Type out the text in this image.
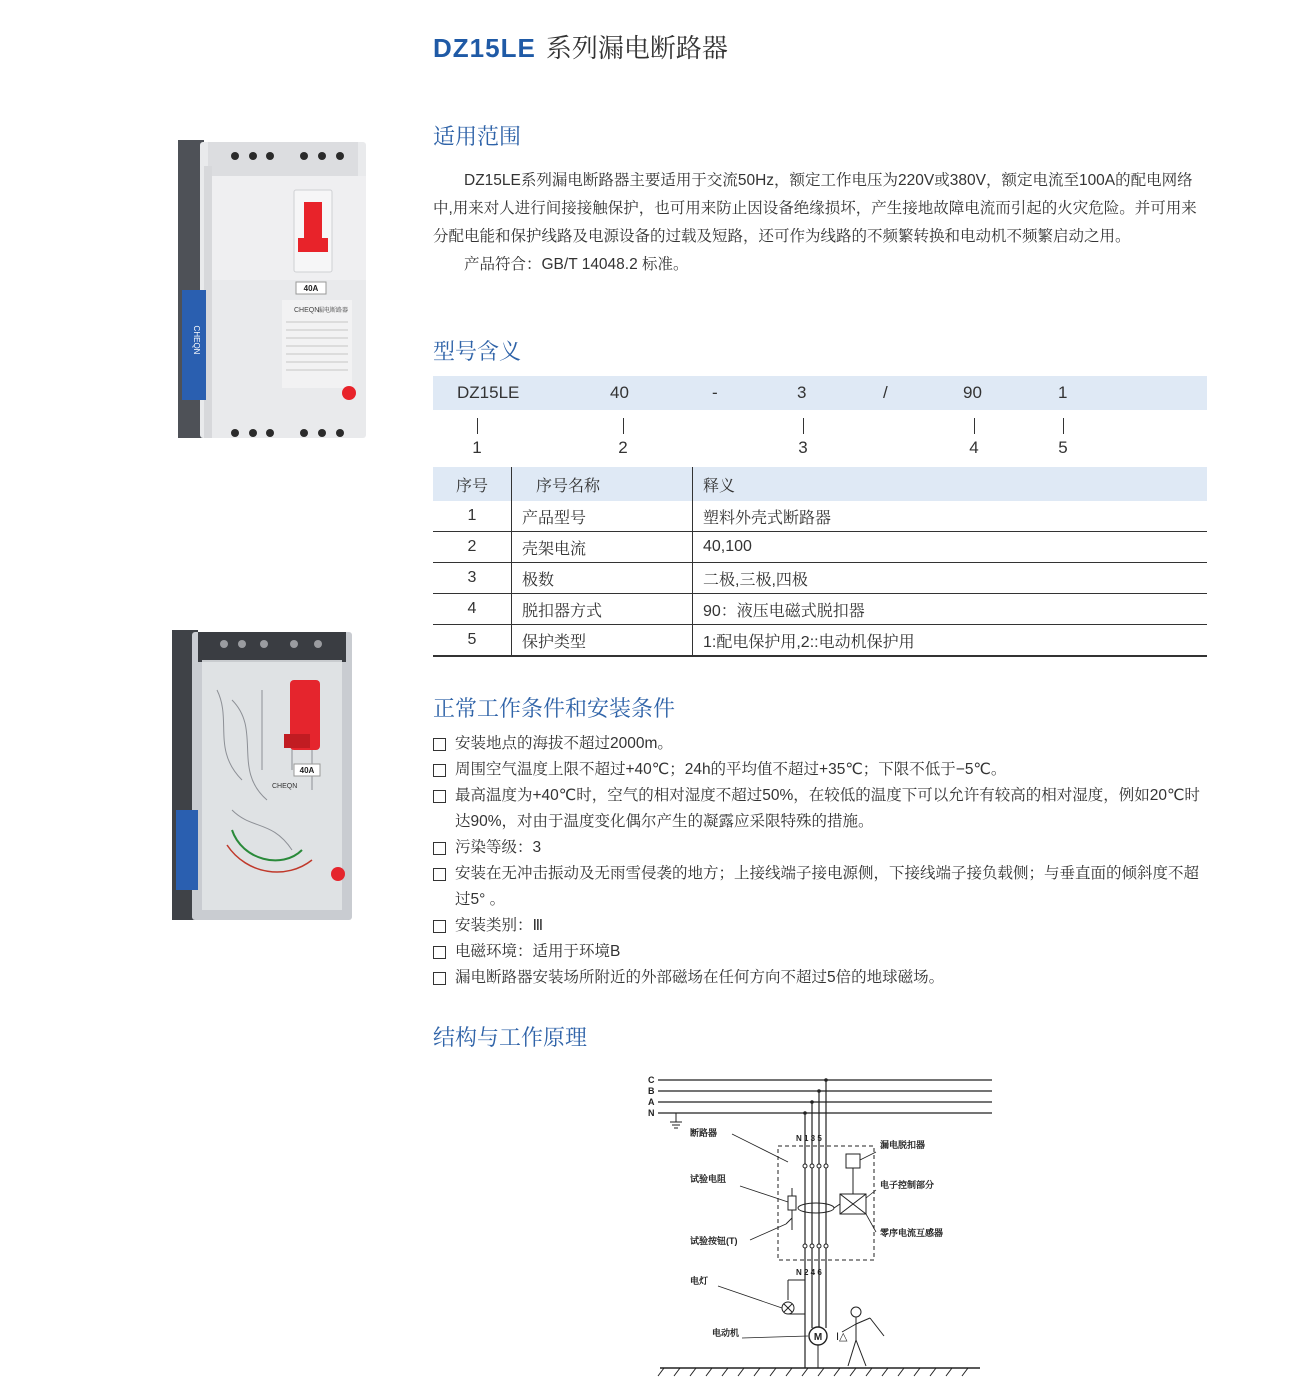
DZ15LE 系列漏电断路器
CHEQN
40A
CHEQN
漏电断路器
40A
CHEQN
适用范围

DZ15LE系列漏电断路器主要适用于交流50Hz，额定工作电压为220V或380V，额定电流至100A的配电网络中,用来对人进行间接接触保护，也可用来防止因设备绝缘损坏，产生接地故障电流而引起的火灾危险。并可用来分配电能和保护线路及电源设备的过载及短路，还可作为线路的不频繁转换和电动机不频繁启动之用。

产品符合：GB/T 14048.2 标准。

型号含义
DZ15LE	40	-	3	/	90	1
1	2	3	4	5
序号	序号名称	释义
1	产品型号	塑料外壳式断路器
2	壳架电流	40,100
3	极数	二极,三极,四极
4	脱扣器方式	90：液压电磁式脱扣器
5	保护类型	1:配电保护用,2::电动机保护用
正常工作条件和安装条件
安装地点的海拔不超过2000m。
周围空气温度上限不超过+40℃；24h的平均值不超过+35℃；下限不低于−5℃。
最高温度为+40℃时，空气的相对湿度不超过50%，在较低的温度下可以允许有较高的相对湿度，例如20℃时达90%，对由于温度变化偶尔产生的凝露应采限特殊的措施。
污染等级：3
安装在无冲击振动及无雨雪侵袭的地方；上接线端子接电源侧，下接线端子接负载侧；与垂直面的倾斜度不超过5° 。
安装类别：Ⅲ
电磁环境：适用于环境B
漏电断路器安装场所附近的外部磁场在任何方向不超过5倍的地球磁场。
结构与工作原理
C
B
A
N
N 1 3 5
N 2 4 6
M I△
断路器
漏电脱扣器
试验电阻
电子控制部分
试验按钮(T)
零序电流互感器
电灯
电动机
